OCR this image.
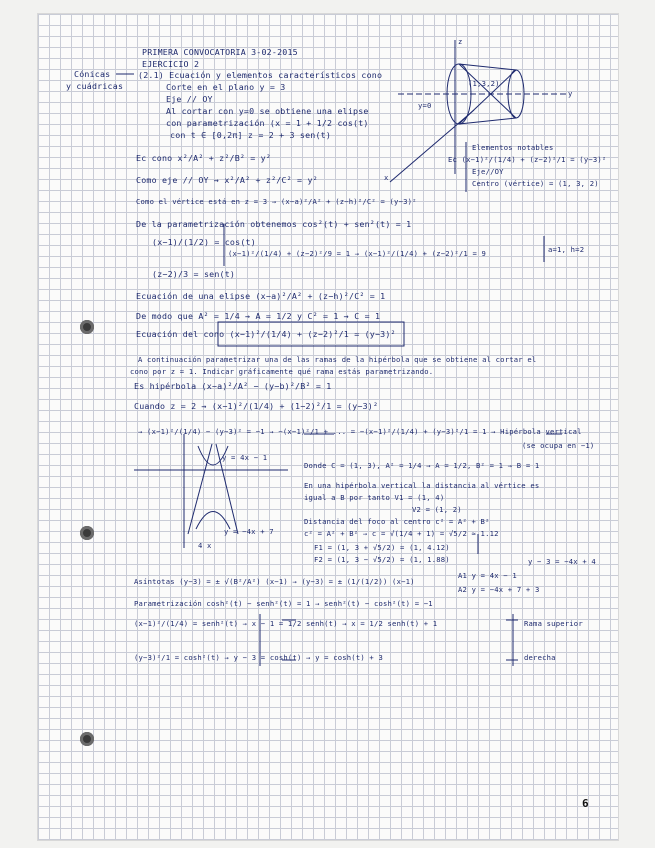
PRIMERA CONVOCATORIA 3-02-2015
EJERCICIO 2
Cónicas
y cuádricas
(2.1) Ecuación y elementos característicos cono
Corte en el plano y = 3
Eje // OY
Al cortar con y=0 se obtiene una elipse
con parametrización (x = 1 + 1/2 cos(t)
con t ∈ [0,2π] z = 2 + 3 sen(t)
Ec cono x²/A² + z²/B² = y²
Como eje // OY → x²/A² + z²/C² = y²
Como el vértice está en z = 3 → (x−a)²/A² + (z−h)²/C² = (y−3)²
De la parametrización obtenemos cos²(t) + sen²(t) = 1
(x−1)/(1/2) = cos(t)
(x−1)²/(1/4) + (z−2)²/9 = 1 → (x−1)²/(1/4) + (z−2)²/1 = 9
(z−2)/3 = sen(t)
Ecuación de una elipse (x−a)²/A² + (z−h)²/C² = 1
De modo que A² = 1/4 → A = 1/2 y C² = 1 → C = 1
Ecuación del cono (x−1)²/(1/4) + (z−2)²/1 = (y−3)²
Elementos notables
Ec (x−1)²/(1/4) + (z−2)²/1 = (y−3)²
Eje//OY
Centro (vértice) = (1, 3, 2)
a=1, h=2
(1,3,2)
y=0
x
y
z
A continuación parametrizar una de las ramas de la hipérbola que se obtiene al cortar el
cono por z = 1. Indicar gráficamente qué rama estás parametrizando.
Es hipérbola (x−a)²/A² − (y−b)²/B² = 1
Cuando z = 2 → (x−1)²/(1/4) + (1−2)²/1 = (y−3)²
→ (x−1)²/(1/4) − (y−3)² = −1 → −(x−1)²/1 + ... = −(x−1)²/(1/4) + (y−3)²/1 = 1 → Hipérbola vertical
(se ocupa en −1)
Donde C = (1, 3), A² = 1/4 → A = 1/2, B² = 1 → B = 1
En una hipérbola vertical la distancia al vértice es
igual a B por tanto V1 = (1, 4)
V2 = (1, 2)
Distancia del foco al centro c² = A² + B²
c² = A² + B² → c = √(1/4 + 1) = √5/2 ≈ 1.12
F1 = (1, 3 + √5/2) = (1, 4.12)
F2 = (1, 3 − √5/2) = (1, 1.88)
y = 4x − 1
y = −4x + 7
4 x
Asíntotas (y−3) = ± √(B²/A²) (x−1) → (y−3) = ± (1/(1/2)) (x−1)
A1 y = 4x − 1
A2 y = −4x + 7 + 3
y − 3 = −4x + 4
Parametrización cosh²(t) − senh²(t) = 1 → senh²(t) − cosh²(t) = −1
(x−1)²/(1/4) = senh²(t) → x − 1 = 1/2 senh(t) → x = 1/2 senh(t) + 1	Rama superior
(y−3)²/1 = cosh²(t) → y − 3 = cosh(t) → y = cosh(t) + 3	derecha
6
